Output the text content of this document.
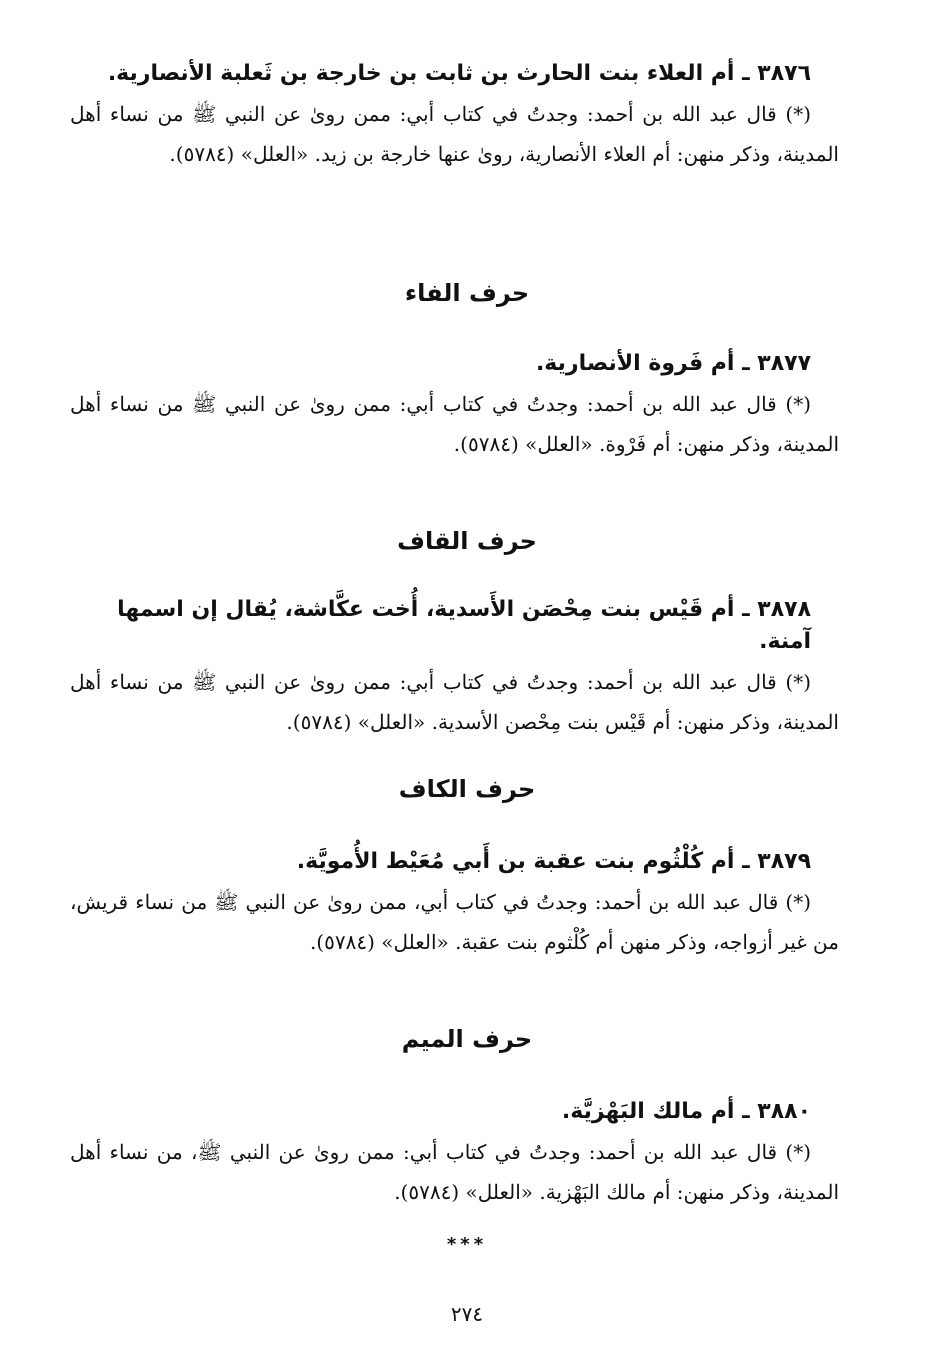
٣٨٧٦ ـ أم العلاء بنت الحارث بن ثابت بن خارجة بن ثَعلبة الأنصارية.

(*) قال عبد الله بن أحمد: وجدتُ في كتاب أبي: ممن روىٰ عن النبي ﷺ من نساء أهل المدينة، وذكر منهن: أم العلاء الأنصارية، روىٰ عنها خارجة بن زيد. «العلل» (٥٧٨٤).

حرف الفاء

٣٨٧٧ ـ أم فَروة الأنصارية.

(*) قال عبد الله بن أحمد: وجدتُ في كتاب أبي: ممن روىٰ عن النبي ﷺ من نساء أهل المدينة، وذكر منهن: أم فَرْوة. «العلل» (٥٧٨٤).

حرف القاف

٣٨٧٨ ـ أم قَيْس بنت مِحْصَن الأَسدية، أُخت عكَّاشة، يُقال إن اسمها آمنة.

(*) قال عبد الله بن أحمد: وجدتُ في كتاب أبي: ممن روىٰ عن النبي ﷺ من نساء أهل المدينة، وذكر منهن: أم قَيْس بنت مِحْصن الأسدية. «العلل» (٥٧٨٤).

حرف الكاف

٣٨٧٩ ـ أم كُلْثُوم بنت عقبة بن أَبي مُعَيْط الأُمويَّة.

(*) قال عبد الله بن أحمد: وجدتُ في كتاب أبي، ممن روىٰ عن النبي ﷺ من نساء قريش، من غير أزواجه، وذكر منهن أم كُلْثوم بنت عقبة. «العلل» (٥٧٨٤).

حرف الميم

٣٨٨٠ ـ أم مالك البَهْزيَّة.

(*) قال عبد الله بن أحمد: وجدتُ في كتاب أبي: ممن روىٰ عن النبي ﷺ، من نساء أهل المدينة، وذكر منهن: أم مالك البَهْزية. «العلل» (٥٧٨٤).

***
٢٧٤
